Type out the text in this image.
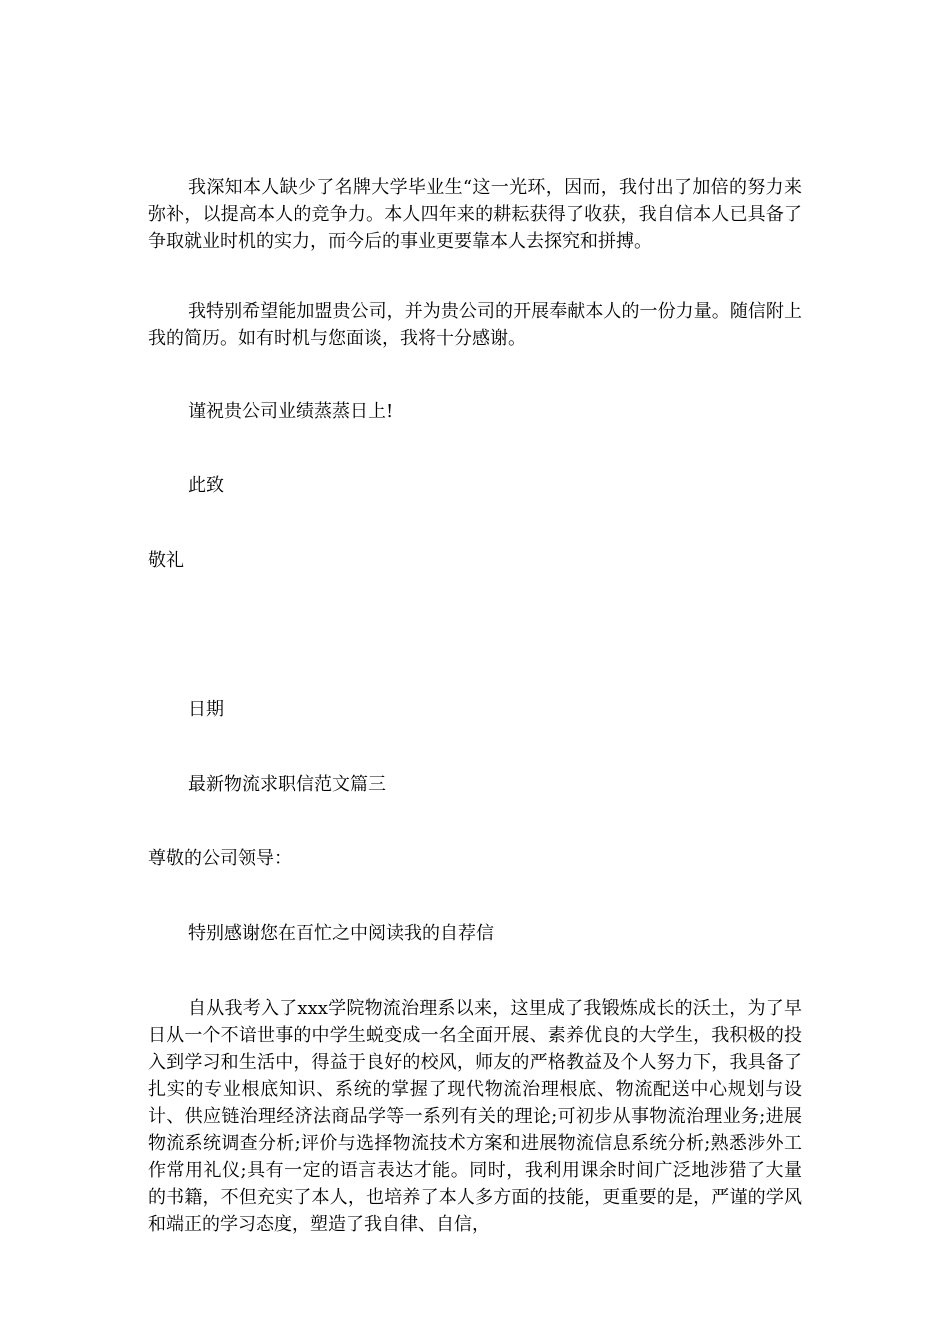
我深知本人缺少了名牌大学毕业生“这一光环，因而，我付出了加倍的努力来弥补，以提高本人的竞争力。本人四年来的耕耘获得了收获，我自信本人已具备了争取就业时机的实力，而今后的事业更要靠本人去探究和拼搏。

我特别希望能加盟贵公司，并为贵公司的开展奉献本人的一份力量。随信附上我的简历。如有时机与您面谈，我将十分感谢。

谨祝贵公司业绩蒸蒸日上!

此致

敬礼

日期

最新物流求职信范文篇三

尊敬的公司领导：

特别感谢您在百忙之中阅读我的自荐信

自从我考入了xxx学院物流治理系以来，这里成了我锻炼成长的沃土，为了早日从一个不谙世事的中学生蜕变成一名全面开展、素养优良的大学生，我积极的投入到学习和生活中，得益于良好的校风，师友的严格教益及个人努力下，我具备了扎实的专业根底知识、系统的掌握了现代物流治理根底、物流配送中心规划与设计、供应链治理经济法商品学等一系列有关的理论;可初步从事物流治理业务;进展物流系统调查分析;评价与选择物流技术方案和进展物流信息系统分析;熟悉涉外工作常用礼仪;具有一定的语言表达才能。同时，我利用课余时间广泛地涉猎了大量的书籍，不但充实了本人，也培养了本人多方面的技能，更重要的是，严谨的学风和端正的学习态度，塑造了我自律、自信，
